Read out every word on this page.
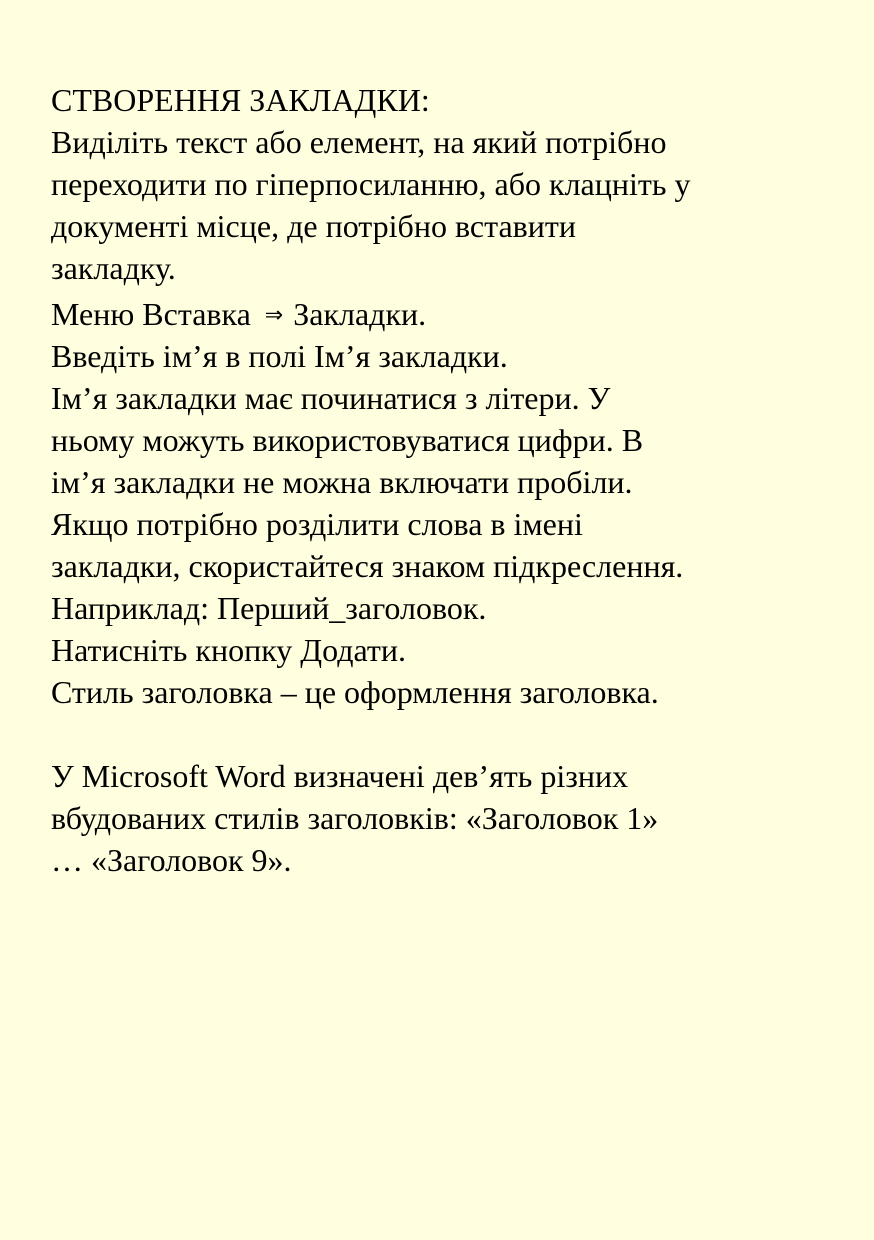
СТВОРЕННЯ ЗАКЛАДКИ:
Виділіть текст або елемент, на який потрібно
переходити по гіперпосиланню, або клацніть у
документі місце, де потрібно вставити
закладку.
Меню Вставка ⇒ Закладки.
Введіть ім’я в полі Ім’я закладки.
Ім’я закладки має починатися з літери. У
ньому можуть використовуватися цифри. В
ім’я закладки не можна включати пробіли.
Якщо потрібно розділити слова в імені
закладки, скористайтеся знаком підкреслення.
Наприклад: Перший_заголовок.
Натисніть кнопку Додати.
Стиль заголовка – це оформлення заголовка.
У Microsoft Word визначені дев’ять різних
вбудованих стилів заголовків: «Заголовок 1»
… «Заголовок 9».
